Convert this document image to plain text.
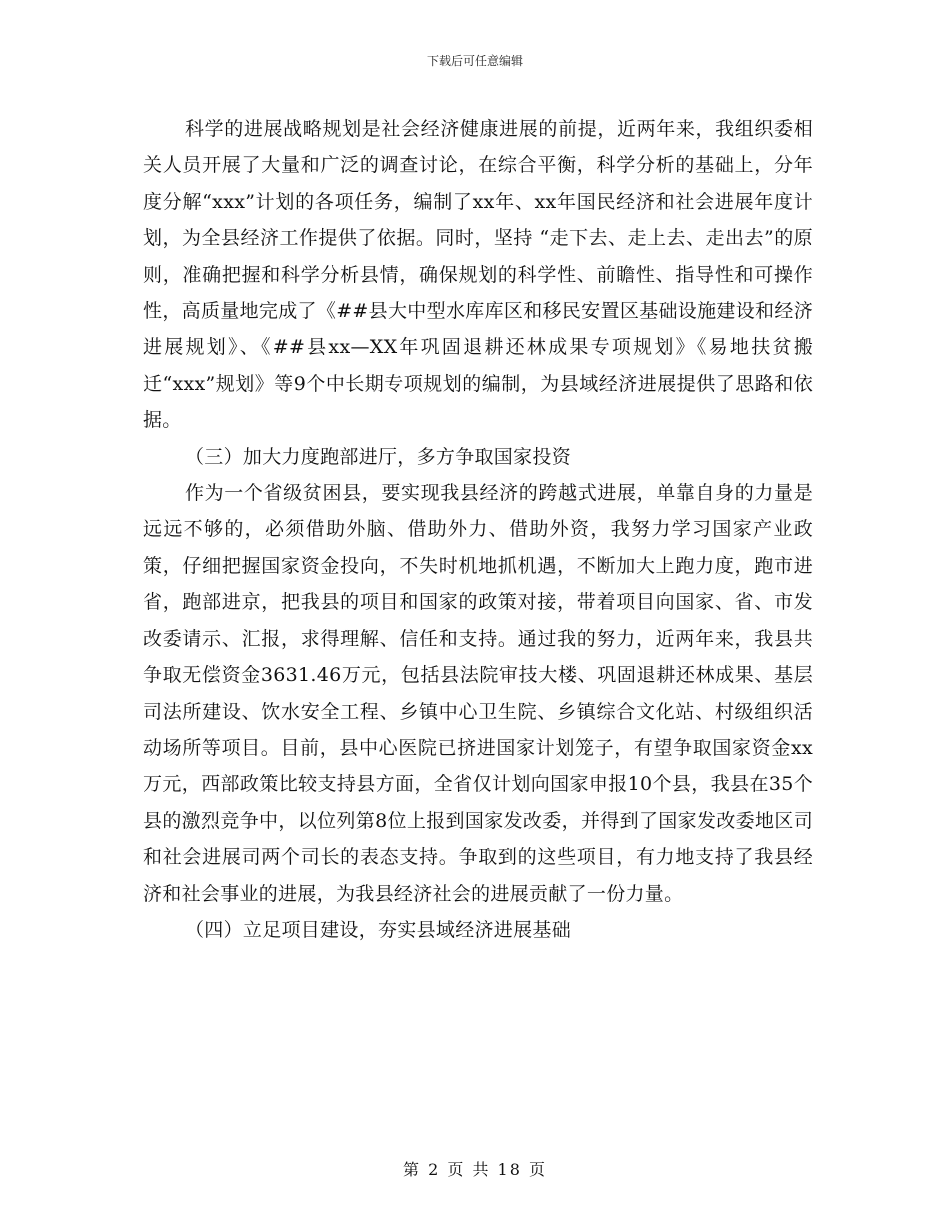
下载后可任意编辑

科学的进展战略规划是社会经济健康进展的前提，近两年来，我组织委相关人员开展了大量和广泛的调查讨论，在综合平衡，科学分析的基础上，分年度分解“xxx”计划的各项任务，编制了xx年、xx年国民经济和社会进展年度计划，为全县经济工作提供了依据。同时，坚持 “走下去、走上去、走出去”的原则，准确把握和科学分析县情，确保规划的科学性、前瞻性、指导性和可操作性，高质量地完成了《##县大中型水库库区和移民安置区基础设施建设和经济进展规划》、《##县xx—XX年巩固退耕还林成果专项规划》《易地扶贫搬迁“xxx”规划》等9个中长期专项规划的编制，为县域经济进展提供了思路和依据。

（三）加大力度跑部进厅，多方争取国家投资

作为一个省级贫困县，要实现我县经济的跨越式进展，单靠自身的力量是远远不够的，必须借助外脑、借助外力、借助外资，我努力学习国家产业政策，仔细把握国家资金投向，不失时机地抓机遇，不断加大上跑力度，跑市进省，跑部进京，把我县的项目和国家的政策对接，带着项目向国家、省、市发改委请示、汇报，求得理解、信任和支持。通过我的努力，近两年来，我县共争取无偿资金3631.46万元，包括县法院审技大楼、巩固退耕还林成果、基层司法所建设、饮水安全工程、乡镇中心卫生院、乡镇综合文化站、村级组织活动场所等项目。目前，县中心医院已挤进国家计划笼子，有望争取国家资金xx万元，西部政策比较支持县方面，全省仅计划向国家申报10个县，我县在35个县的激烈竞争中，以位列第8位上报到国家发改委，并得到了国家发改委地区司和社会进展司两个司长的表态支持。争取到的这些项目，有力地支持了我县经济和社会事业的进展，为我县经济社会的进展贡献了一份力量。

（四）立足项目建设，夯实县域经济进展基础

第 2 页 共 18 页
